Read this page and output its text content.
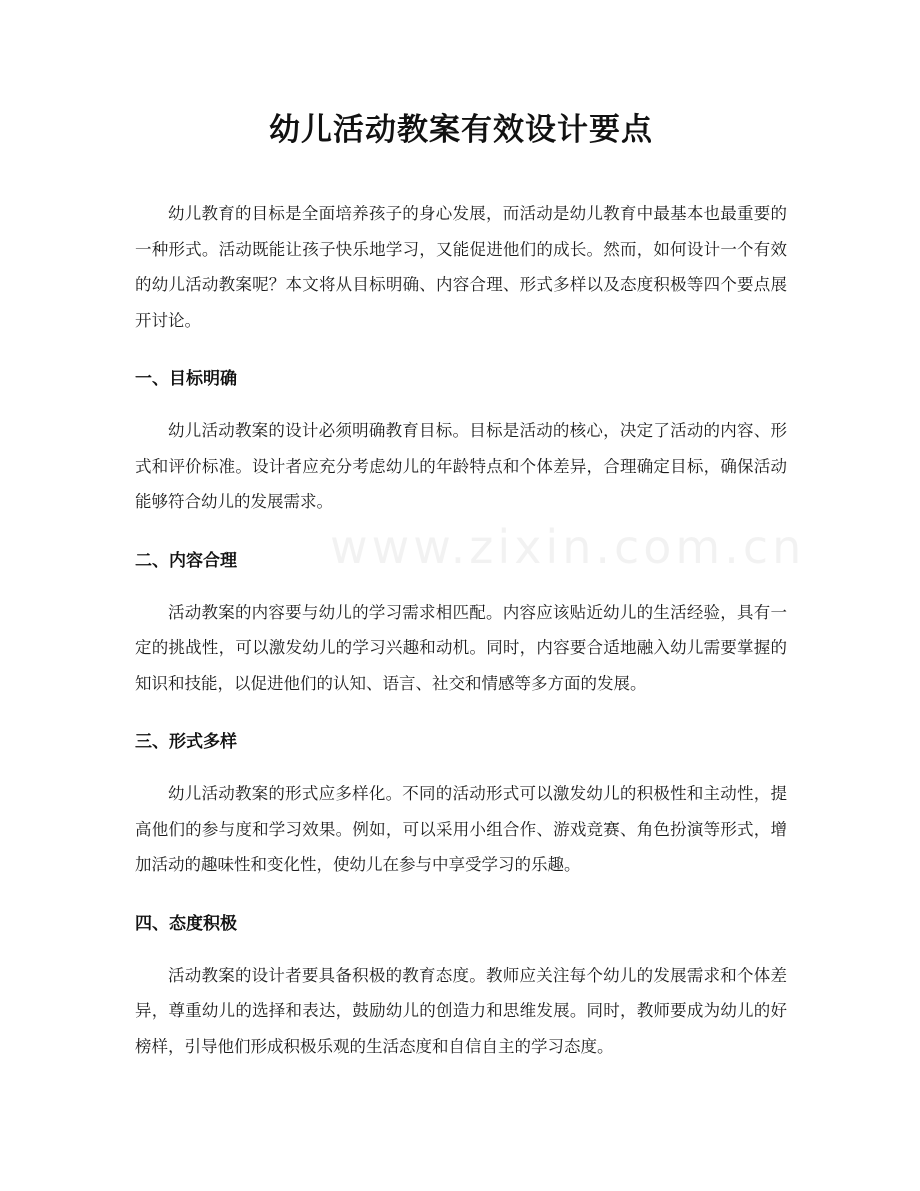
www.zixin.com.cn
幼儿活动教案有效设计要点

幼儿教育的目标是全面培养孩子的身心发展，而活动是幼儿教育中最基本也最重要的一种形式。活动既能让孩子快乐地学习，又能促进他们的成长。然而，如何设计一个有效的幼儿活动教案呢？本文将从目标明确、内容合理、形式多样以及态度积极等四个要点展开讨论。

一、目标明确

幼儿活动教案的设计必须明确教育目标。目标是活动的核心，决定了活动的内容、形式和评价标准。设计者应充分考虑幼儿的年龄特点和个体差异，合理确定目标，确保活动能够符合幼儿的发展需求。

二、内容合理

活动教案的内容要与幼儿的学习需求相匹配。内容应该贴近幼儿的生活经验，具有一定的挑战性，可以激发幼儿的学习兴趣和动机。同时，内容要合适地融入幼儿需要掌握的知识和技能，以促进他们的认知、语言、社交和情感等多方面的发展。

三、形式多样

幼儿活动教案的形式应多样化。不同的活动形式可以激发幼儿的积极性和主动性，提高他们的参与度和学习效果。例如，可以采用小组合作、游戏竞赛、角色扮演等形式，增加活动的趣味性和变化性，使幼儿在参与中享受学习的乐趣。

四、态度积极

活动教案的设计者要具备积极的教育态度。教师应关注每个幼儿的发展需求和个体差异，尊重幼儿的选择和表达，鼓励幼儿的创造力和思维发展。同时，教师要成为幼儿的好榜样，引导他们形成积极乐观的生活态度和自信自主的学习态度。
